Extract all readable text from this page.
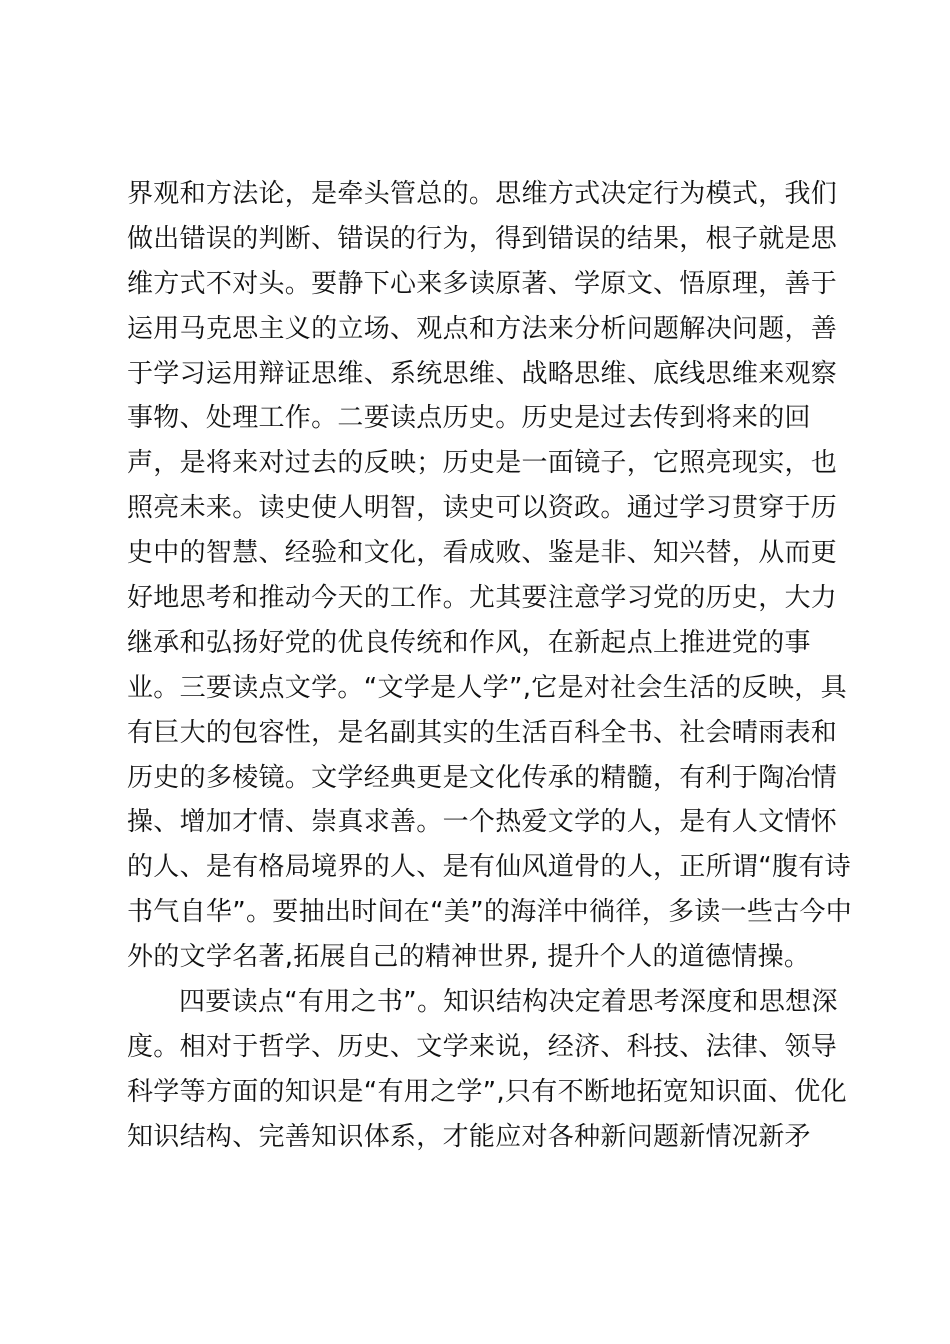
界观和方法论，是牵头管总的。思维方式决定行为模式，我们
做出错误的判断、错误的行为，得到错误的结果，根子就是思
维方式不对头。要静下心来多读原著、学原文、悟原理，善于
运用马克思主义的立场、观点和方法来分析问题解决问题，善
于学习运用辩证思维、系统思维、战略思维、底线思维来观察
事物、处理工作。二要读点历史。历史是过去传到将来的回
声，是将来对过去的反映；历史是一面镜子，它照亮现实，也
照亮未来。读史使人明智，读史可以资政。通过学习贯穿于历
史中的智慧、经验和文化，看成败、鉴是非、知兴替，从而更
好地思考和推动今天的工作。尤其要注意学习党的历史，大力
继承和弘扬好党的优良传统和作风，在新起点上推进党的事
业。三要读点文学。“文学是人学”,它是对社会生活的反映，具
有巨大的包容性，是名副其实的生活百科全书、社会晴雨表和
历史的多棱镜。文学经典更是文化传承的精髓，有利于陶冶情
操、增加才情、崇真求善。一个热爱文学的人，是有人文情怀
的人、是有格局境界的人、是有仙风道骨的人，正所谓“腹有诗
书气自华”。要抽出时间在“美”的海洋中徜徉，多读一些古今中
外的文学名著,拓展自己的精神世界, 提升个人的道德情操。
四要读点“有用之书”。知识结构决定着思考深度和思想深
度。相对于哲学、历史、文学来说，经济、科技、法律、领导
科学等方面的知识是“有用之学”,只有不断地拓宽知识面、优化
知识结构、完善知识体系，才能应对各种新问题新情况新矛
